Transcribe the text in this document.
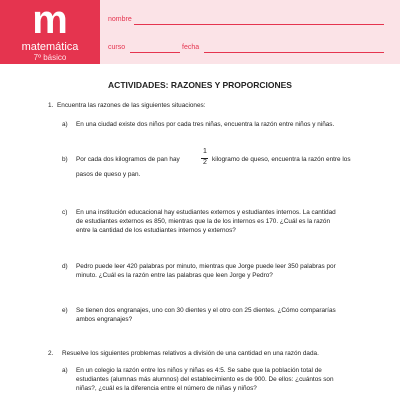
m
matemática
7º básico
nombre
curso	fecha
ACTIVIDADES: RAZONES Y PROPORCIONES
1. Encuentra las razones de las siguientes situaciones:
a) En una ciudad existe dos niños por cada tres niñas, encuentra la razón entre niños y niñas.
b) Por cada dos kilogramos de pan hay
1
2 kilogramo de queso, encuentra la razón entre los
pasos de queso y pan.
c) En una institución educacional hay estudiantes externos y estudiantes internos. La cantidad
de estudiantes externos es 850, mientras que la de los internos es 170. ¿Cuál es la razón
entre la cantidad de los estudiantes internos y externos?
d) Pedro puede leer 420 palabras por minuto, mientras que Jorge puede leer 350 palabras por
minuto. ¿Cuál es la razón entre las palabras que leen Jorge y Pedro?
e) Se tienen dos engranajes, uno con 30 dientes y el otro con 25 dientes. ¿Cómo compararías
ambos engranajes?
2. Resuelve los siguientes problemas relativos a división de una cantidad en una razón dada.
a) En un colegio la razón entre los niños y niñas es 4:5. Se sabe que la población total de
estudiantes (alumnas más alumnos) del establecimiento es de 900. De ellos: ¿cuántos son
niñas?, ¿cuál es la diferencia entre el número de niñas y niños?
